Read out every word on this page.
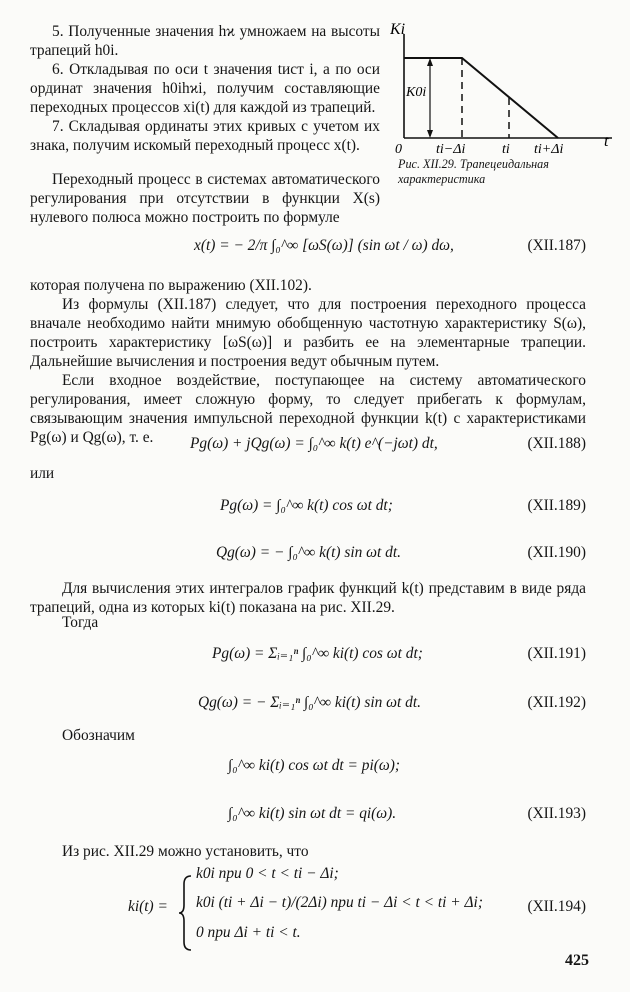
5. Полученные значения hϰ умножаем на высоты трапеций h0i.

6. Откладывая по оси t значения tист i, а по оси ординат значения h0ihϰi, получим составляющие переходных процессов xi(t) для каждой из трапеций.

7. Складывая ординаты этих кривых с учетом их знака, получим искомый переходный процесс x(t).

Ki
K0i
0 ti−Δi	ti ti+Δi	t

Рис. XII.29. Трапецеидальная характеристика

Переходный процесс в системах автоматического регулирования при отсутствии в функции X(s) нулевого полюса можно построить по формуле

x(t) = − 2/π ∫₀^∞ [ωS(ω)] (sin ωt / ω) dω,	(XII.187)

которая получена по выражению (XII.102).

Из формулы (XII.187) следует, что для построения переходного процесса вначале необходимо найти мнимую обобщенную частотную характеристику S(ω), построить характеристику [ωS(ω)] и разбить ее на элементарные трапеции. Дальнейшие вычисления и построения ведут обычным путем.

Если входное воздействие, поступающее на систему автоматического регулирования, имеет сложную форму, то следует прибегать к формулам, связывающим значения импульсной переходной функции k(t) с характеристиками Pg(ω) и Qg(ω), т. е.	Pg(ω) + jQg(ω) = ∫₀^∞ k(t) e^(−jωt) dt,	(XII.188)

или

Pg(ω) = ∫₀^∞ k(t) cos ωt dt;	(XII.189)
Qg(ω) = − ∫₀^∞ k(t) sin ωt dt.	(XII.190)

Для вычисления этих интегралов график функций k(t) представим в виде ряда трапеций, одна из которых ki(t) показана на рис. XII.29.

Тогда

Pg(ω) = Σᵢ₌₁ⁿ ∫₀^∞ ki(t) cos ωt dt;	(XII.191)
Qg(ω) = − Σᵢ₌₁ⁿ ∫₀^∞ ki(t) sin ωt dt.	(XII.192)

Обозначим

∫₀^∞ ki(t) cos ωt dt = pi(ω);
∫₀^∞ ki(t) sin ωt dt = qi(ω).	(XII.193)

Из рис. XII.29 можно установить, что

ki(t) =
k0i при 0 < t < ti − Δi;
k0i (ti + Δi − t)/(2Δi) при ti − Δi < t < ti + Δi;
0 при Δi + ti < t.
(XII.194)
425
